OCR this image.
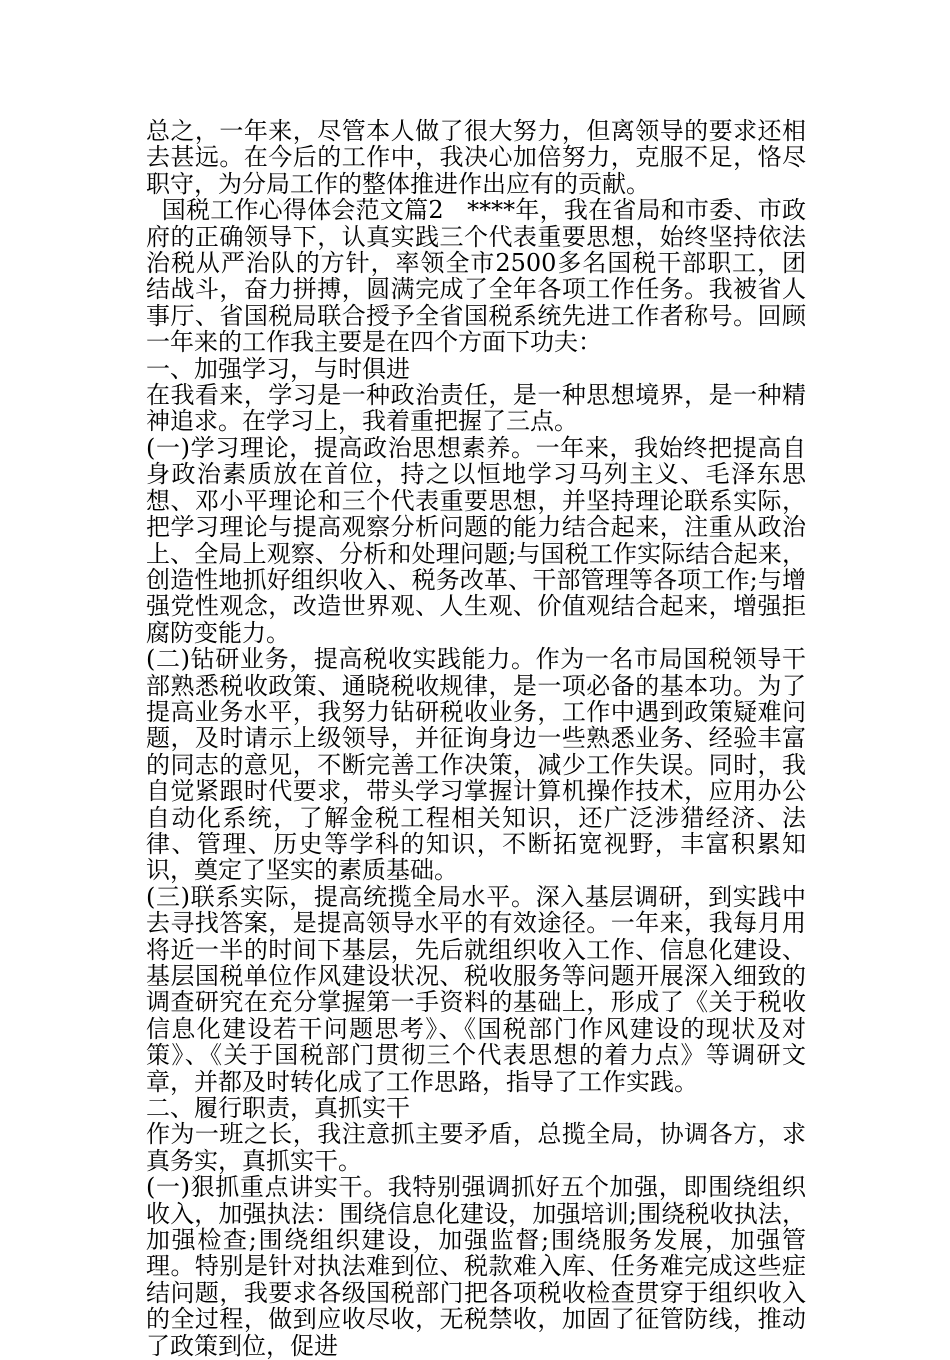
总之，一年来，尽管本人做了很大努力，但离领导的要求还相去甚远。在今后的工作中，我决心加倍努力，克服不足，恪尽职守，为分局工作的整体推进作出应有的贡献。

国税工作心得体会范文篇2   ****年，我在省局和市委、市政府的正确领导下，认真实践三个代表重要思想，始终坚持依法治税从严治队的方针，率领全市2500多名国税干部职工，团结战斗，奋力拼搏，圆满完成了全年各项工作任务。我被省人事厅、省国税局联合授予全省国税系统先进工作者称号。回顾一年来的工作我主要是在四个方面下功夫：

一、加强学习，与时俱进

在我看来，学习是一种政治责任，是一种思想境界，是一种精神追求。在学习上，我着重把握了三点。

(一)学习理论，提高政治思想素养。一年来，我始终把提高自身政治素质放在首位，持之以恒地学习马列主义、毛泽东思想、邓小平理论和三个代表重要思想，并坚持理论联系实际，把学习理论与提高观察分析问题的能力结合起来，注重从政治上、全局上观察、分析和处理问题;与国税工作实际结合起来，创造性地抓好组织收入、税务改革、干部管理等各项工作;与增强党性观念，改造世界观、人生观、价值观结合起来，增强拒腐防变能力。

(二)钻研业务，提高税收实践能力。作为一名市局国税领导干部熟悉税收政策、通晓税收规律，是一项必备的基本功。为了提高业务水平，我努力钻研税收业务，工作中遇到政策疑难问题，及时请示上级领导，并征询身边一些熟悉业务、经验丰富的同志的意见，不断完善工作决策，减少工作失误。同时，我自觉紧跟时代要求，带头学习掌握计算机操作技术，应用办公自动化系统，了解金税工程相关知识，还广泛涉猎经济、法律、管理、历史等学科的知识，不断拓宽视野，丰富积累知识，奠定了坚实的素质基础。

(三)联系实际，提高统揽全局水平。深入基层调研，到实践中去寻找答案，是提高领导水平的有效途径。一年来，我每月用将近一半的时间下基层，先后就组织收入工作、信息化建设、基层国税单位作风建设状况、税收服务等问题开展深入细致的调查研究在充分掌握第一手资料的基础上，形成了《关于税收信息化建设若干问题思考》、《国税部门作风建设的现状及对策》、《关于国税部门贯彻三个代表思想的着力点》等调研文章，并都及时转化成了工作思路，指导了工作实践。

二、履行职责，真抓实干

作为一班之长，我注意抓主要矛盾，总揽全局，协调各方，求真务实，真抓实干。

(一)狠抓重点讲实干。我特别强调抓好五个加强，即围绕组织收入，加强执法：围绕信息化建设，加强培训;围绕税收执法，加强检查;围绕组织建设，加强监督;围绕服务发展，加强管理。特别是针对执法难到位、税款难入库、任务难完成这些症结问题，我要求各级国税部门把各项税收检查贯穿于组织收入的全过程，做到应收尽收，无税禁收，加固了征管防线，推动了政策到位，促进
